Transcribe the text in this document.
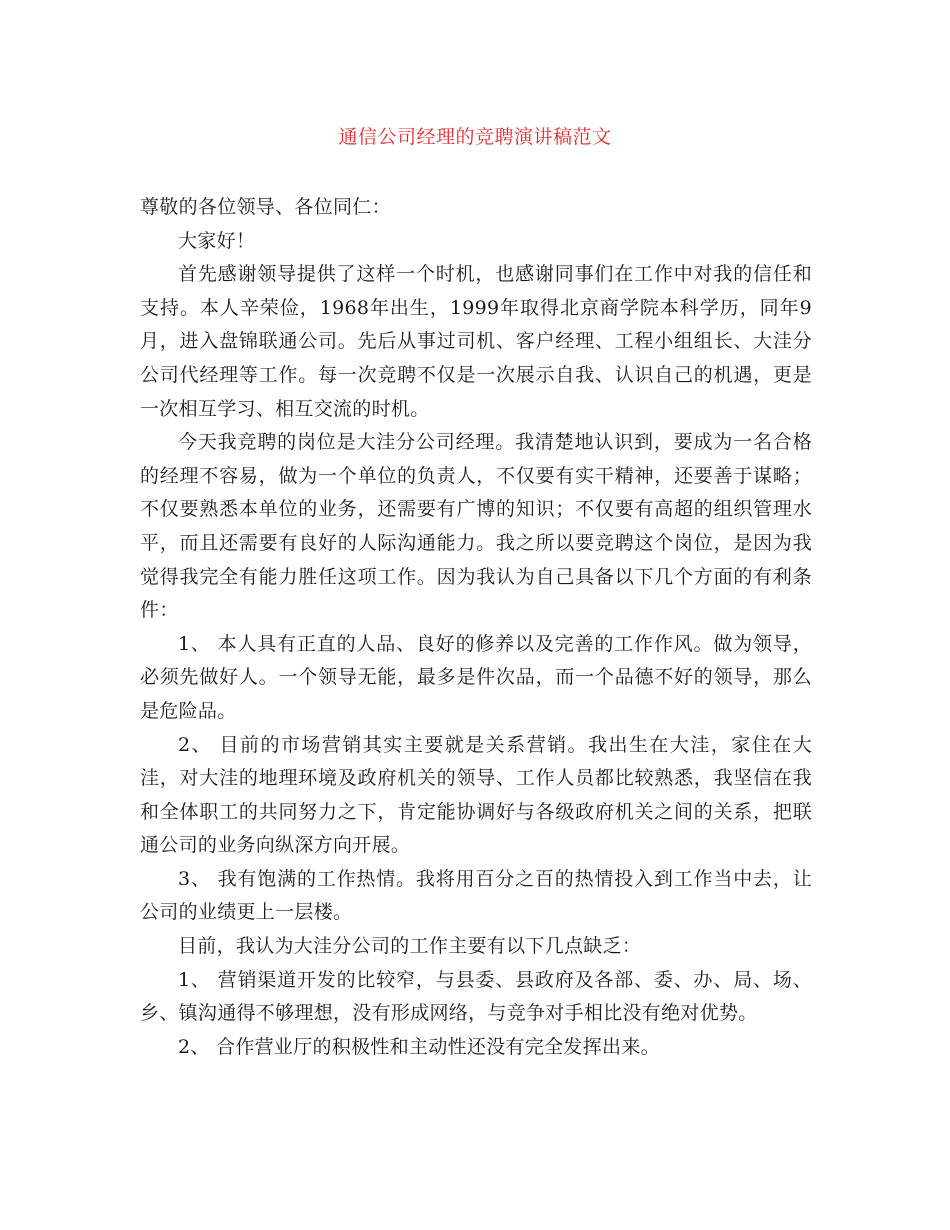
通信公司经理的竞聘演讲稿范文

尊敬的各位领导、各位同仁：

大家好！

首先感谢领导提供了这样一个时机，也感谢同事们在工作中对我的信任和支持。本人辛荣俭，1968年出生，1999年取得北京商学院本科学历，同年9月，进入盘锦联通公司。先后从事过司机、客户经理、工程小组组长、大洼分公司代经理等工作。每一次竞聘不仅是一次展示自我、认识自己的机遇，更是一次相互学习、相互交流的时机。

今天我竞聘的岗位是大洼分公司经理。我清楚地认识到，要成为一名合格的经理不容易，做为一个单位的负责人，不仅要有实干精神，还要善于谋略；不仅要熟悉本单位的业务，还需要有广博的知识；不仅要有高超的组织管理水平，而且还需要有良好的人际沟通能力。我之所以要竞聘这个岗位，是因为我觉得我完全有能力胜任这项工作。因为我认为自己具备以下几个方面的有利条件：

1、 本人具有正直的人品、良好的修养以及完善的工作作风。做为领导，必须先做好人。一个领导无能，最多是件次品，而一个品德不好的领导，那么是危险品。

2、 目前的市场营销其实主要就是关系营销。我出生在大洼，家住在大洼，对大洼的地理环境及政府机关的领导、工作人员都比较熟悉，我坚信在我和全体职工的共同努力之下，肯定能协调好与各级政府机关之间的关系，把联通公司的业务向纵深方向开展。

3、 我有饱满的工作热情。我将用百分之百的热情投入到工作当中去，让公司的业绩更上一层楼。

目前，我认为大洼分公司的工作主要有以下几点缺乏：

1、 营销渠道开发的比较窄，与县委、县政府及各部、委、办、局、场、乡、镇沟通得不够理想，没有形成网络，与竞争对手相比没有绝对优势。

2、 合作营业厅的积极性和主动性还没有完全发挥出来。
